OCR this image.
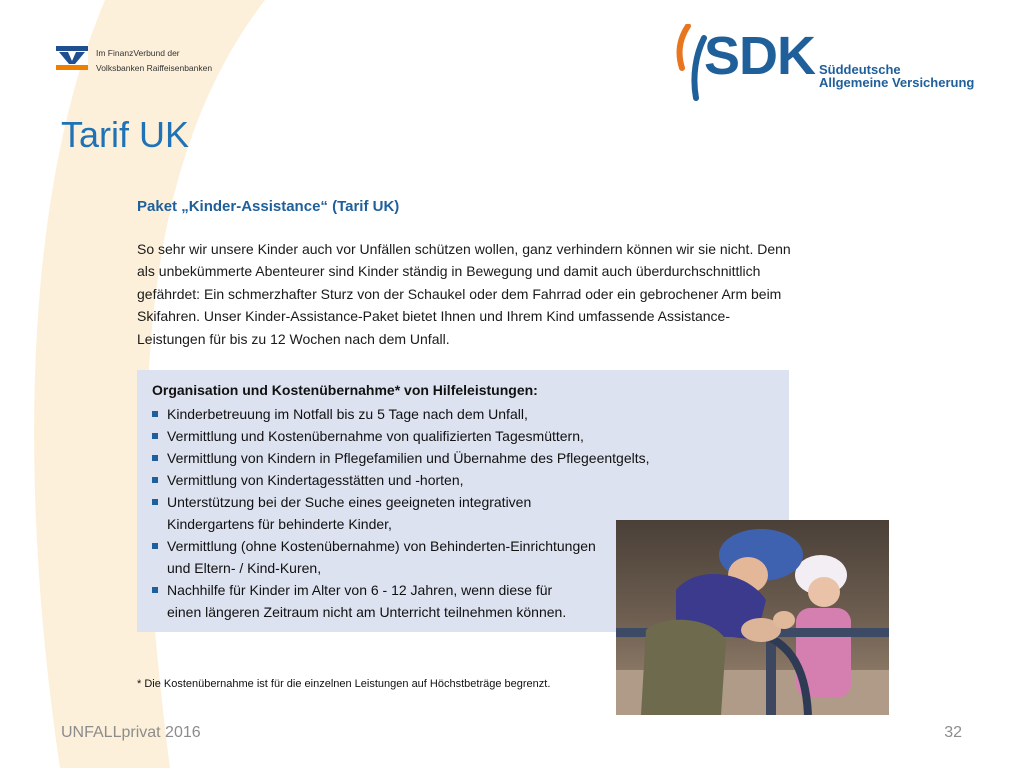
Im FinanzVerbund der
Volksbanken Raiffeisenbanken	SDK Süddeutsche
Allgemeine Versicherung
Tarif UK
Paket „Kinder-Assistance“ (Tarif UK)

So sehr wir unsere Kinder auch vor Unfällen schützen wollen, ganz verhindern können wir sie nicht. Denn als unbekümmerte Abenteurer sind Kinder ständig in Bewegung und damit auch überdurchschnittlich gefährdet: Ein schmerzhafter Sturz von der Schaukel oder dem Fahrrad oder ein gebrochener Arm beim Skifahren. Unser Kinder-Assistance-Paket bietet Ihnen und Ihrem Kind umfassende Assistance-Leistungen für bis zu 12 Wochen nach dem Unfall.

Organisation und Kostenübernahme* von Hilfeleistungen:
Kinderbetreuung im Notfall bis zu 5 Tage nach dem Unfall,
Vermittlung und Kostenübernahme von qualifizierten Tagesmüttern,
Vermittlung von Kindern in Pflegefamilien und Übernahme des Pflegeentgelts,
Vermittlung von Kindertagesstätten und -horten,
Unterstützung bei der Suche eines geeigneten integrativen Kindergartens für behinderte Kinder,
Vermittlung (ohne Kostenübernahme) von Behinderten-Einrichtungen und Eltern- / Kind-Kuren,
Nachhilfe für Kinder im Alter von 6 - 12 Jahren, wenn diese für einen längeren Zeitraum nicht am Unterricht teilnehmen können.
* Die Kostenübernahme ist für die einzelnen Leistungen auf Höchstbeträge begrenzt.
UNFALLprivat 2016	32
